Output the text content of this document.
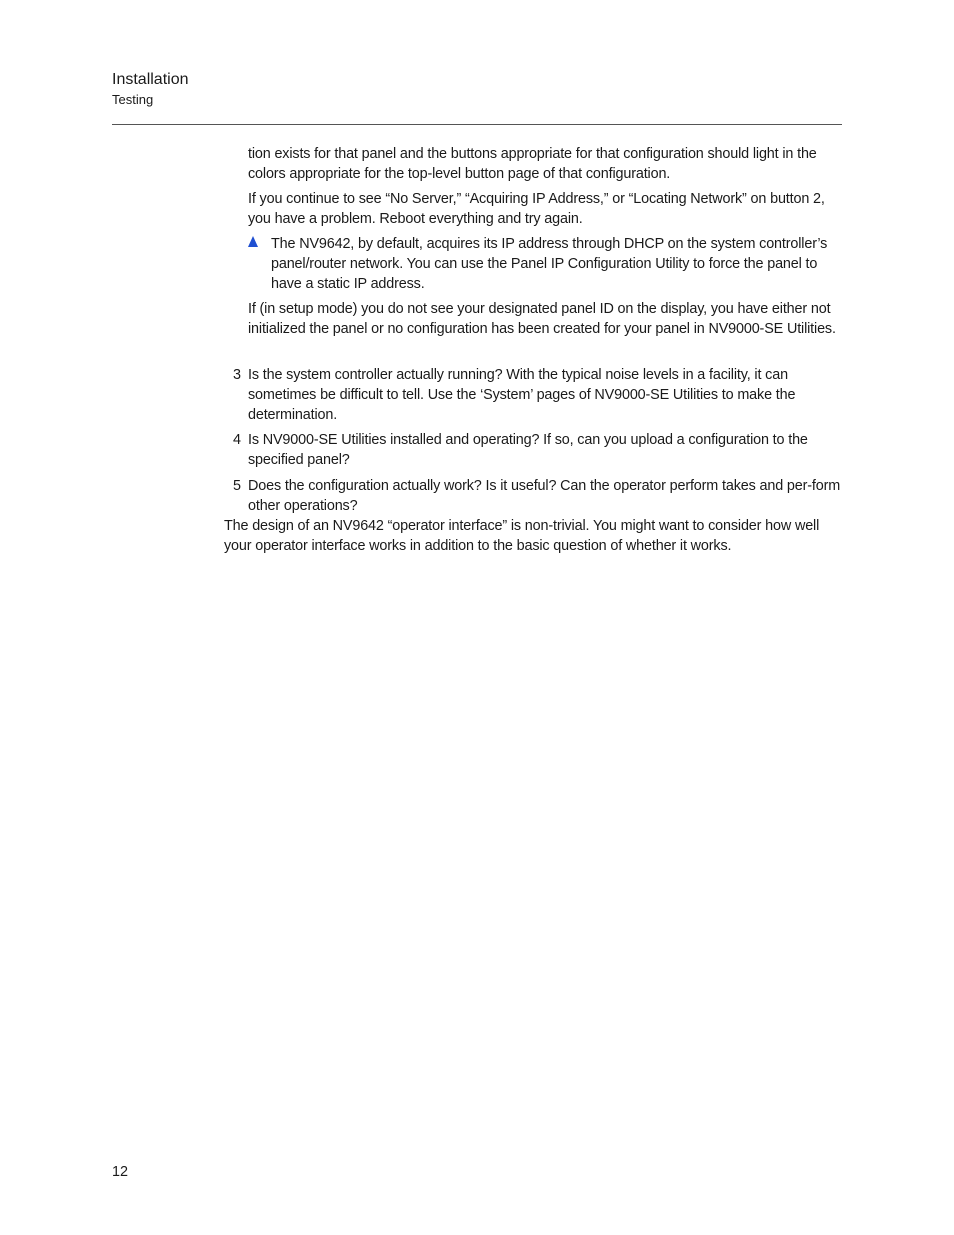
Installation
Testing

tion exists for that panel and the buttons appropriate for that configuration should light in the colors appropriate for the top-level button page of that configuration.

If you continue to see “No Server,” “Acquiring IP Address,” or “Locating Network” on button 2, you have a problem. Reboot everything and try again.

The NV9642, by default, acquires its IP address through DHCP on the system controller’s panel/router network. You can use the Panel IP Configuration Utility to force the panel to have a static IP address.

If (in setup mode) you do not see your designated panel ID on the display, you have either not initialized the panel or no configuration has been created for your panel in NV9000-SE Utilities.

3 Is the system controller actually running? With the typical noise levels in a facility, it can sometimes be difficult to tell. Use the ‘System’ pages of NV9000-SE Utilities to make the determination.

4 Is NV9000-SE Utilities installed and operating? If so, can you upload a configuration to the specified panel?

5 Does the configuration actually work? Is it useful? Can the operator perform takes and per-form other operations?

The design of an NV9642 “operator interface” is non-trivial. You might want to consider how well your operator interface works in addition to the basic question of whether it works.

12
